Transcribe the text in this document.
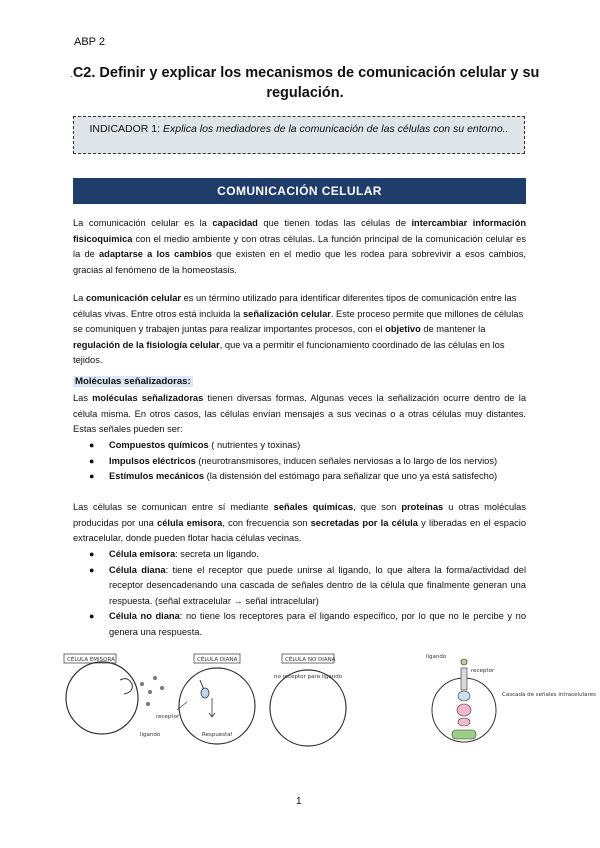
ABP 2
.C2. Definir y explicar los mecanismos de comunicación celular y su regulación.
INDICADOR 1: Explica los mediadores de la comunicación de las células con su entorno..
COMUNICACIÓN CELULAR
La comunicación celular es la capacidad que tienen todas las células de intercambiar información fisicoquímica con el medio ambiente y con otras células. La función principal de la comunicación celular es la de adaptarse a los cambios que existen en el medio que les rodea para sobrevivir a esos cambios, gracias al fenómeno de la homeostasis.
La comunicación celular es un término utilizado para identificar diferentes tipos de comunicación entre las células vivas. Entre otros está incluida la señalización celular. Este proceso permite que millones de células se comuniquen y trabajen juntas para realizar importantes procesos, con el objetivo de mantener la regulación de la fisiología celular, que va a permitir el funcionamiento coordinado de las células en los tejidos.
Moléculas señalizadoras:
Las moléculas señalizadoras tienen diversas formas. Algunas veces la señalización ocurre dentro de la célula misma. En otros casos, las células envían mensajes a sus vecinas o a otras células muy distantes. Estas señales pueden ser:
● Compuestos químicos ( nutrientes y toxinas)
● Impulsos eléctricos (neurotransmisores, inducen señales nerviosas a lo largo de los nervios)
● Estímulos mecánicos (la distensión del estómago para señalizar que uno ya está satisfecho)
Las células se comunican entre sí mediante señales químicas, que son proteínas u otras moléculas producidas por una célula emisora, con frecuencia son secretadas por la célula y liberadas en el espacio extracelular, donde pueden flotar hacia células vecinas.
● Célula emisora: secreta un ligando.
● Célula diana: tiene el receptor que puede unirse al ligando, lo que altera la forma/actividad del receptor desencadenando una cascada de señales dentro de la célula que finalmente generan una respuesta. (señal extracelular → señal intracelular)
● Célula no diana: no tiene los receptores para el ligando específico, por lo que no le percibe y no genera una respuesta.
CÉLULA EMISORA
ligando
CÉLULA DIANA
Respuesta!
receptor
CÉLULA NO DIANA
no receptor para ligando
ligando
receptor
Cascada de señales intracelulares
1
